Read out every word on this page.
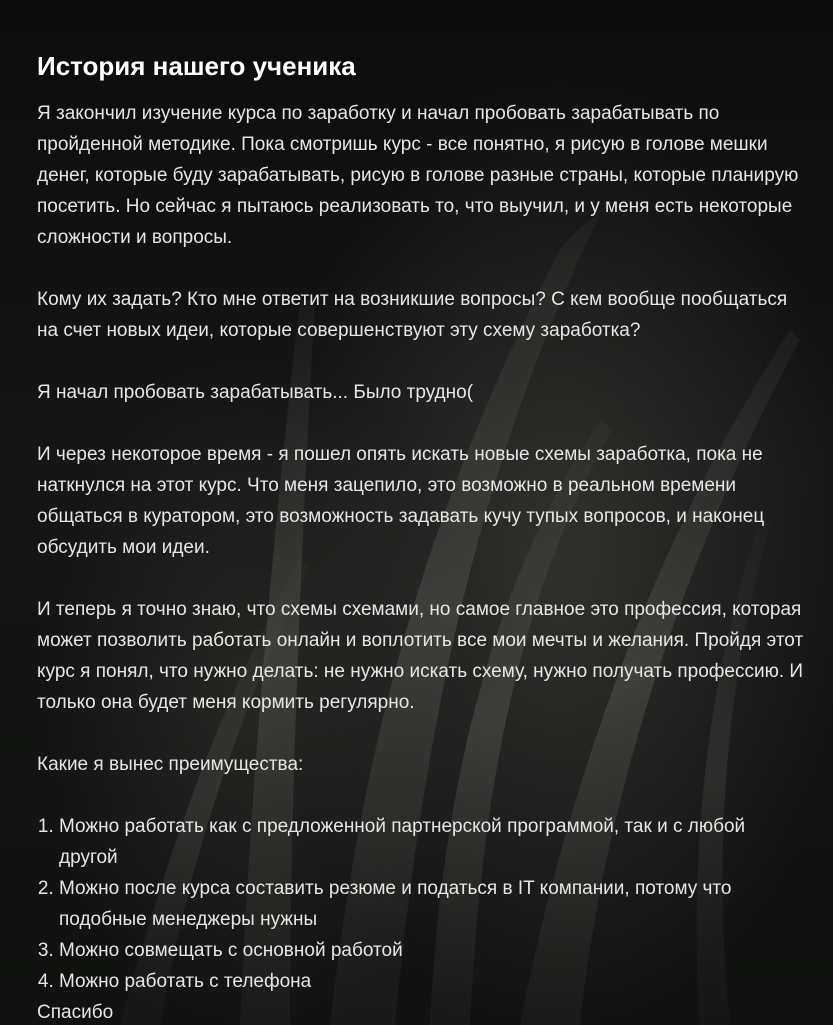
История нашего ученика

Я закончил изучение курса по заработку и начал пробовать зарабатывать по пройденной методике. Пока смотришь курс - все понятно, я рисую в голове мешки денег, которые буду зарабатывать, рисую в голове разные страны, которые планирую посетить. Но сейчас я пытаюсь реализовать то, что выучил, и у меня есть некоторые сложности и вопросы.

Кому их задать? Кто мне ответит на возникшие вопросы? С кем вообще пообщаться на счет новых идеи, которые совершенствуют эту схему заработка?

Я начал пробовать зарабатывать... Было трудно(

И через некоторое время - я пошел опять искать новые схемы заработка, пока не наткнулся на этот курс. Что меня зацепило, это возможно в реальном времени общаться в куратором, это возможность задавать кучу тупых вопросов, и наконец обсудить мои идеи.

И теперь я точно знаю, что схемы схемами, но самое главное это профессия, которая может позволить работать онлайн и воплотить все мои мечты и желания. Пройдя этот курс я понял, что нужно делать: не нужно искать схему, нужно получать профессию. И только она будет меня кормить регулярно.

Какие я вынес преимущества:

1. Можно работать как с предложенной партнерской программой, так и с любой другой
2. Можно после курса составить резюме и податься в IT компании, потому что подобные менеджеры нужны
3. Можно совмещать с основной работой
4. Можно работать с телефона
Спасибо
